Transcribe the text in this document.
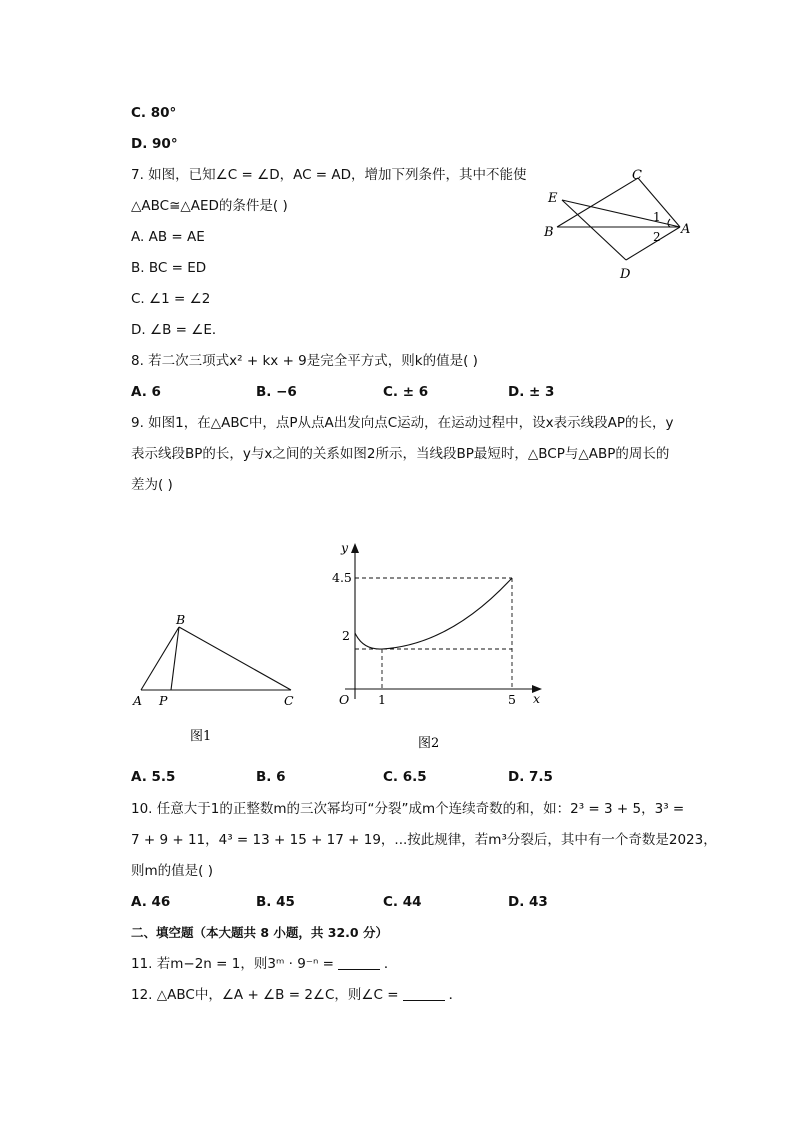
C. 80°
D. 90°
7. 如图，已知∠C = ∠D，AC = AD，增加下列条件，其中不能使
△ABC≅△AED的条件是( )
A. AB = AE
B. BC = ED
C. ∠1 = ∠2
D. ∠B = ∠E．
C
E
B	A
D
1
2
8. 若二次三项式x² + kx + 9是完全平方式，则k的值是( )
A. 6	B. −6	C. ± 6	D. ± 3
9. 如图1，在△ABC中，点P从点A出发向点C运动，在运动过程中，设x表示线段AP的长，y
表示线段BP的长，y与x之间的关系如图2所示，当线段BP最短时，△BCP与△ABP的周长的
差为( )
B
A P	C
图1
y
x
O
4.5
2
1	5
图2
A. 5.5	B. 6	C. 6.5	D. 7.5
10. 任意大于1的正整数m的三次幂均可“分裂”成m个连续奇数的和，如：2³ = 3 + 5，3³ =
7 + 9 + 11，4³ = 13 + 15 + 17 + 19，...按此规律，若m³分裂后，其中有一个奇数是2023，
则m的值是( )
A. 46	B. 45	C. 44	D. 43
二、填空题（本大题共 8 小题，共 32.0 分）
11. 若m−2n = 1，则3ᵐ · 9⁻ⁿ =	．
12. △ABC中，∠A + ∠B = 2∠C，则∠C =	．
